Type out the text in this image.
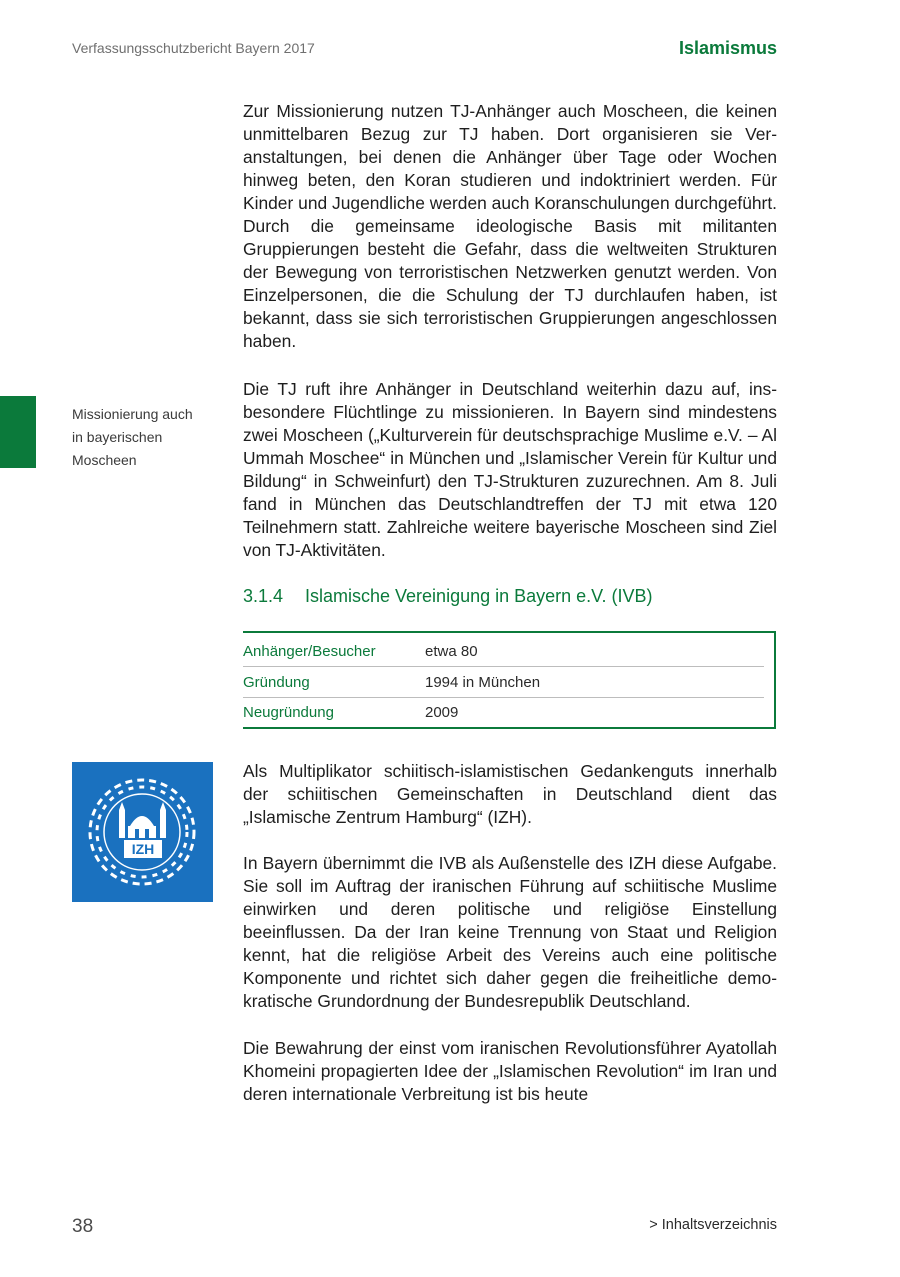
Verfassungsschutzbericht Bayern 2017	Islamismus
Missionierung auch
in bayerischen
Moscheen

Zur Missionierung nutzen TJ-Anhänger auch Moscheen, die keinen unmittelbaren Bezug zur TJ haben. Dort organisieren sie Veranstaltungen, bei denen die Anhänger über Tage oder Wochen hinweg beten, den Koran studieren und indoktriniert werden. Für Kinder und Jugendliche werden auch Koranschulungen durchgeführt. Durch die gemeinsame ideologische Basis mit militanten Gruppierungen besteht die Gefahr, dass die weltweiten Strukturen der Bewegung von terroristischen Netzwerken genutzt werden. Von Einzelpersonen, die die Schulung der TJ durchlaufen haben, ist bekannt, dass sie sich terroristischen Gruppierungen angeschlossen haben.

Die TJ ruft ihre Anhänger in Deutschland weiterhin dazu auf, insbesondere Flüchtlinge zu missionieren. In Bayern sind mindestens zwei Moscheen („Kulturverein für deutschsprachige Muslime e.V. – Al Ummah Moschee“ in München und „Islamischer Verein für Kultur und Bildung“ in Schweinfurt) den TJ-Strukturen zuzurechnen. Am 8. Juli fand in München das Deutschlandtreffen der TJ mit etwa 120 Teilnehmern statt. Zahlreiche weitere bayerische Moscheen sind Ziel von TJ-Aktivitäten.

3.1.4 Islamische Vereinigung in Bayern e.V. (IVB)
Anhänger/Besucher	etwa 80
Gründung	1994 in München
Neugründung	2009
IZH

Als Multiplikator schiitisch-islamistischen Gedankenguts innerhalb der schiitischen Gemeinschaften in Deutschland dient das „Islamische Zentrum Hamburg“ (IZH).

In Bayern übernimmt die IVB als Außenstelle des IZH diese Aufgabe. Sie soll im Auftrag der iranischen Führung auf schiitische Muslime einwirken und deren politische und religiöse Einstellung beeinflussen. Da der Iran keine Trennung von Staat und Religion kennt, hat die religiöse Arbeit des Vereins auch eine politische Komponente und richtet sich daher gegen die freiheitliche demokratische Grundordnung der Bundesrepublik Deutschland.

Die Bewahrung der einst vom iranischen Revolutionsführer Ayatollah Khomeini propagierten Idee der „Islamischen Revolution“ im Iran und deren internationale Verbreitung ist bis heute

38	> Inhaltsverzeichnis
